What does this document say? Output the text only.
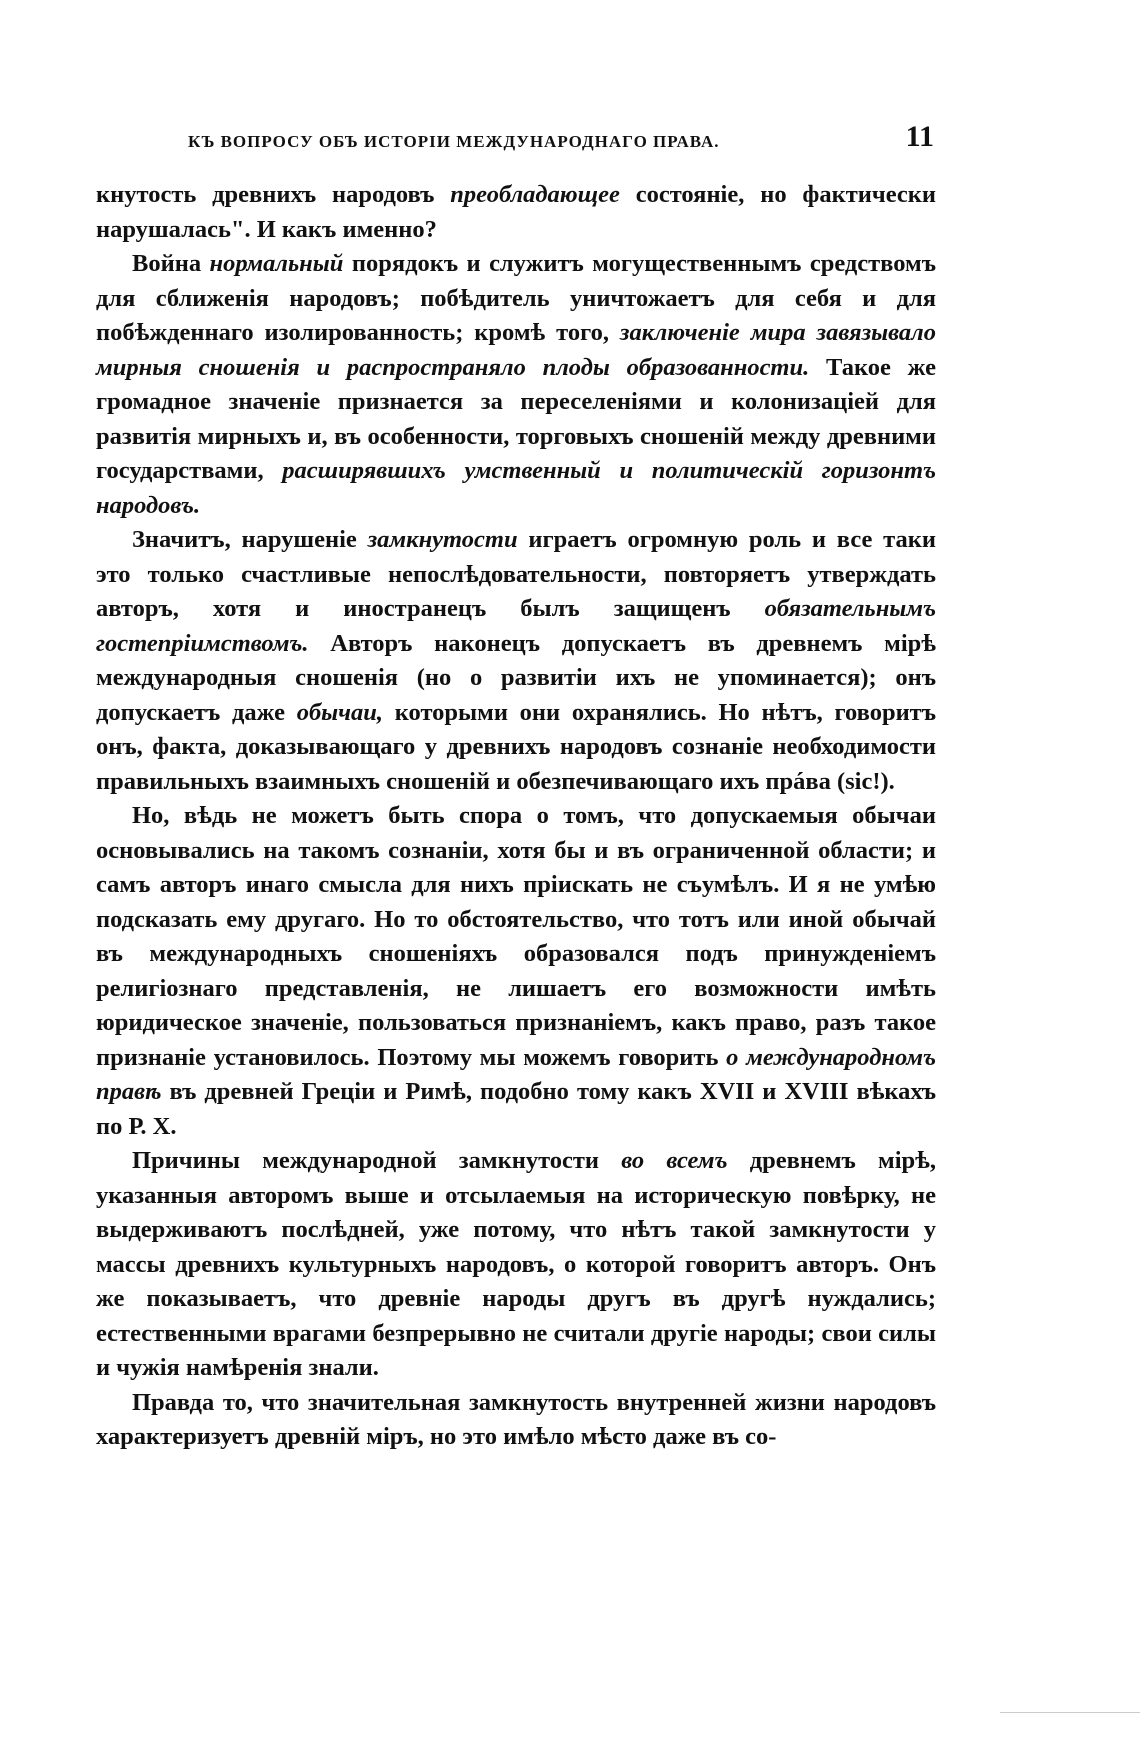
КЪ ВОПРОСУ ОБЪ ИСТОРІИ МЕЖДУНАРОДНАГО ПРАВА.	11

кнутость древнихъ народовъ преобладающее состояніе, но фактически нарушалась". И какъ именно?

Война нормальный порядокъ и служитъ могущественнымъ средствомъ для сближенія народовъ; побѣдитель уничтожаетъ для себя и для побѣжденнаго изолированность; кромѣ того, заключеніе мира завязывало мирныя сношенія и распространяло плоды образованности. Такое же громадное значеніе признается за переселеніями и колонизаціей для развитія мирныхъ и, въ особенности, торговыхъ сношеній между древними государствами, расширявшихъ умственный и политическій горизонтъ народовъ.

Значитъ, нарушеніе замкнутости играетъ огромную роль и все таки это только счастливые непослѣдовательности, повторяетъ утверждать авторъ, хотя и иностранецъ былъ защищенъ обязательнымъ гостепріимствомъ. Авторъ наконецъ допускаетъ въ древнемъ мірѣ международныя сношенія (но о развитіи ихъ не упоминается); онъ допускаетъ даже обычаи, которыми они охранялись. Но нѣтъ, говоритъ онъ, факта, доказывающаго у древнихъ народовъ сознаніе необходимости правильныхъ взаимныхъ сношеній и обезпечивающаго ихъ прáва (sic!).

Но, вѣдь не можетъ быть спора о томъ, что допускаемыя обычаи основывались на такомъ сознаніи, хотя бы и въ ограниченной области; и самъ авторъ инаго смысла для нихъ пріискать не съумѣлъ. И я не умѣю подсказать ему другаго. Но то обстоятельство, что тотъ или иной обычай въ международныхъ сношеніяхъ образовался подъ принужденіемъ религіознаго представленія, не лишаетъ его возможности имѣть юридическое значеніе, пользоваться признаніемъ, какъ право, разъ такое признаніе установилось. Поэтому мы можемъ говорить о международномъ правѣ въ древней Греціи и Римѣ, подобно тому какъ XVII и XVIII вѣкахъ по Р. X.

Причины международной замкнутости во всемъ древнемъ мірѣ, указанныя авторомъ выше и отсылаемыя на историческую повѣрку, не выдерживаютъ послѣдней, уже потому, что нѣтъ такой замкнутости у массы древнихъ культурныхъ народовъ, о которой говоритъ авторъ. Онъ же показываетъ, что древніе народы другъ въ другѣ нуждались; естественными врагами безпрерывно не считали другіе народы; свои силы и чужія намѣренія знали.

Правда то, что значительная замкнутость внутренней жизни народовъ характеризуетъ древній міръ, но это имѣло мѣсто даже въ со-
